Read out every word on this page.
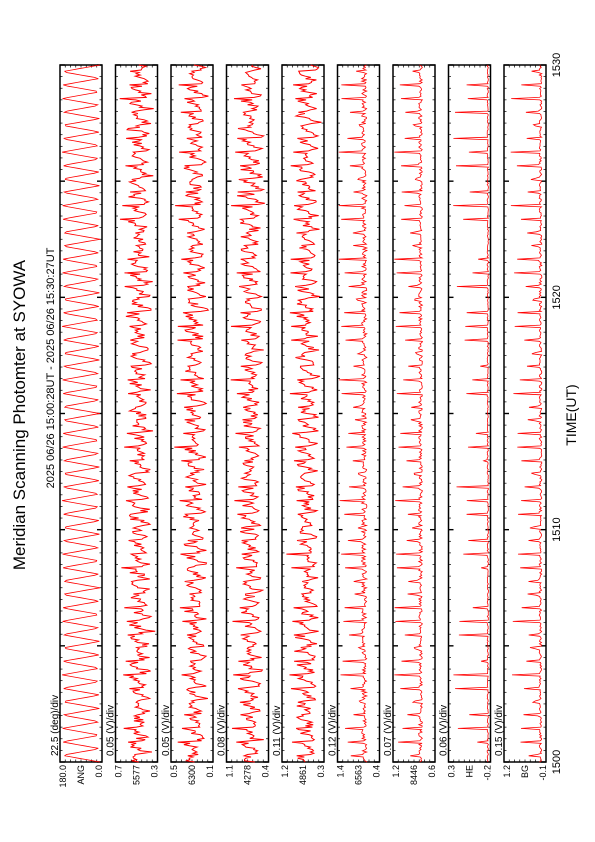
Meridian Scanning Photomter at SYOWA 2025 06/26 15:00:28UT - 2025 06/26 15:30:27UT	TIME(UT)
180.0 ANG 0.0
22.5 (deg)/div
0.7 5577 0.3
0.05 (V)/div
0.5 6300 0.1
0.05 (V)/div
1.1 4278 0.4
0.08 (V)/div
1.2 4861 0.3
0.11 (V)/div
1.4 6563 0.4
0.12 (V)/div
1.2 8446 0.6
0.07 (V)/div
0.3 HE -0.2
0.06 (V)/div
1.2 BG -0.1
0.15 (V)/div
1500
1510
1520
1530
